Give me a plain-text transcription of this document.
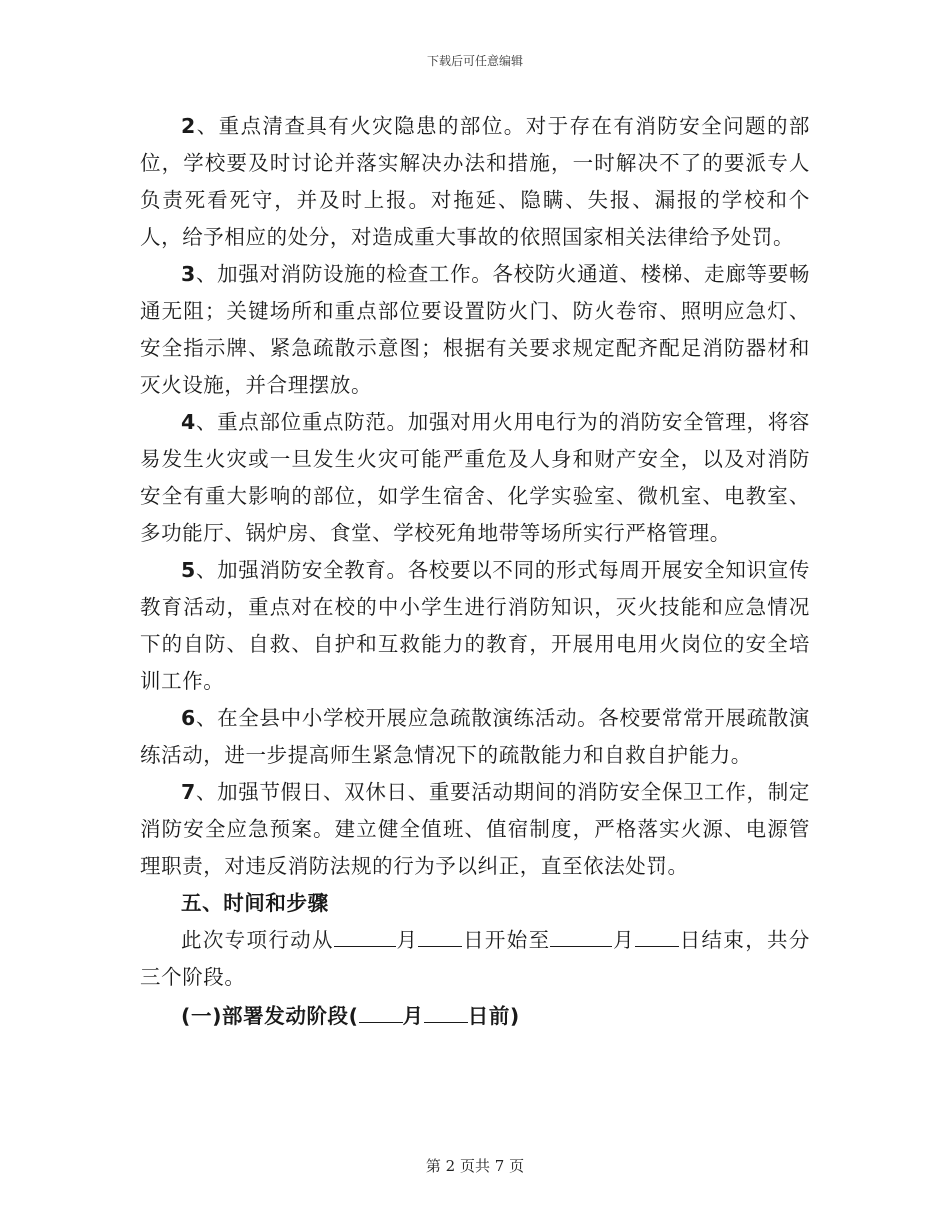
下载后可任意编辑

2、重点清查具有火灾隐患的部位。对于存在有消防安全问题的部位，学校要及时讨论并落实解决办法和措施，一时解决不了的要派专人负责死看死守，并及时上报。对拖延、隐瞒、失报、漏报的学校和个人，给予相应的处分，对造成重大事故的依照国家相关法律给予处罚。

3、加强对消防设施的检查工作。各校防火通道、楼梯、走廊等要畅通无阻；关键场所和重点部位要设置防火门、防火卷帘、照明应急灯、安全指示牌、紧急疏散示意图；根据有关要求规定配齐配足消防器材和灭火设施，并合理摆放。

4、重点部位重点防范。加强对用火用电行为的消防安全管理，将容易发生火灾或一旦发生火灾可能严重危及人身和财产安全，以及对消防安全有重大影响的部位，如学生宿舍、化学实验室、微机室、电教室、多功能厅、锅炉房、食堂、学校死角地带等场所实行严格管理。

5、加强消防安全教育。各校要以不同的形式每周开展安全知识宣传教育活动，重点对在校的中小学生进行消防知识，灭火技能和应急情况下的自防、自救、自护和互救能力的教育，开展用电用火岗位的安全培训工作。

6、在全县中小学校开展应急疏散演练活动。各校要常常开展疏散演练活动，进一步提高师生紧急情况下的疏散能力和自救自护能力。

7、加强节假日、双休日、重要活动期间的消防安全保卫工作，制定消防安全应急预案。建立健全值班、值宿制度，严格落实火源、电源管理职责，对违反消防法规的行为予以纠正，直至依法处罚。

五、时间和步骤

此次专项行动从	月 日开始至	月 日结束，共分三个阶段。

(一)部署发动阶段( 月 日前)

第 2 页共 7 页
